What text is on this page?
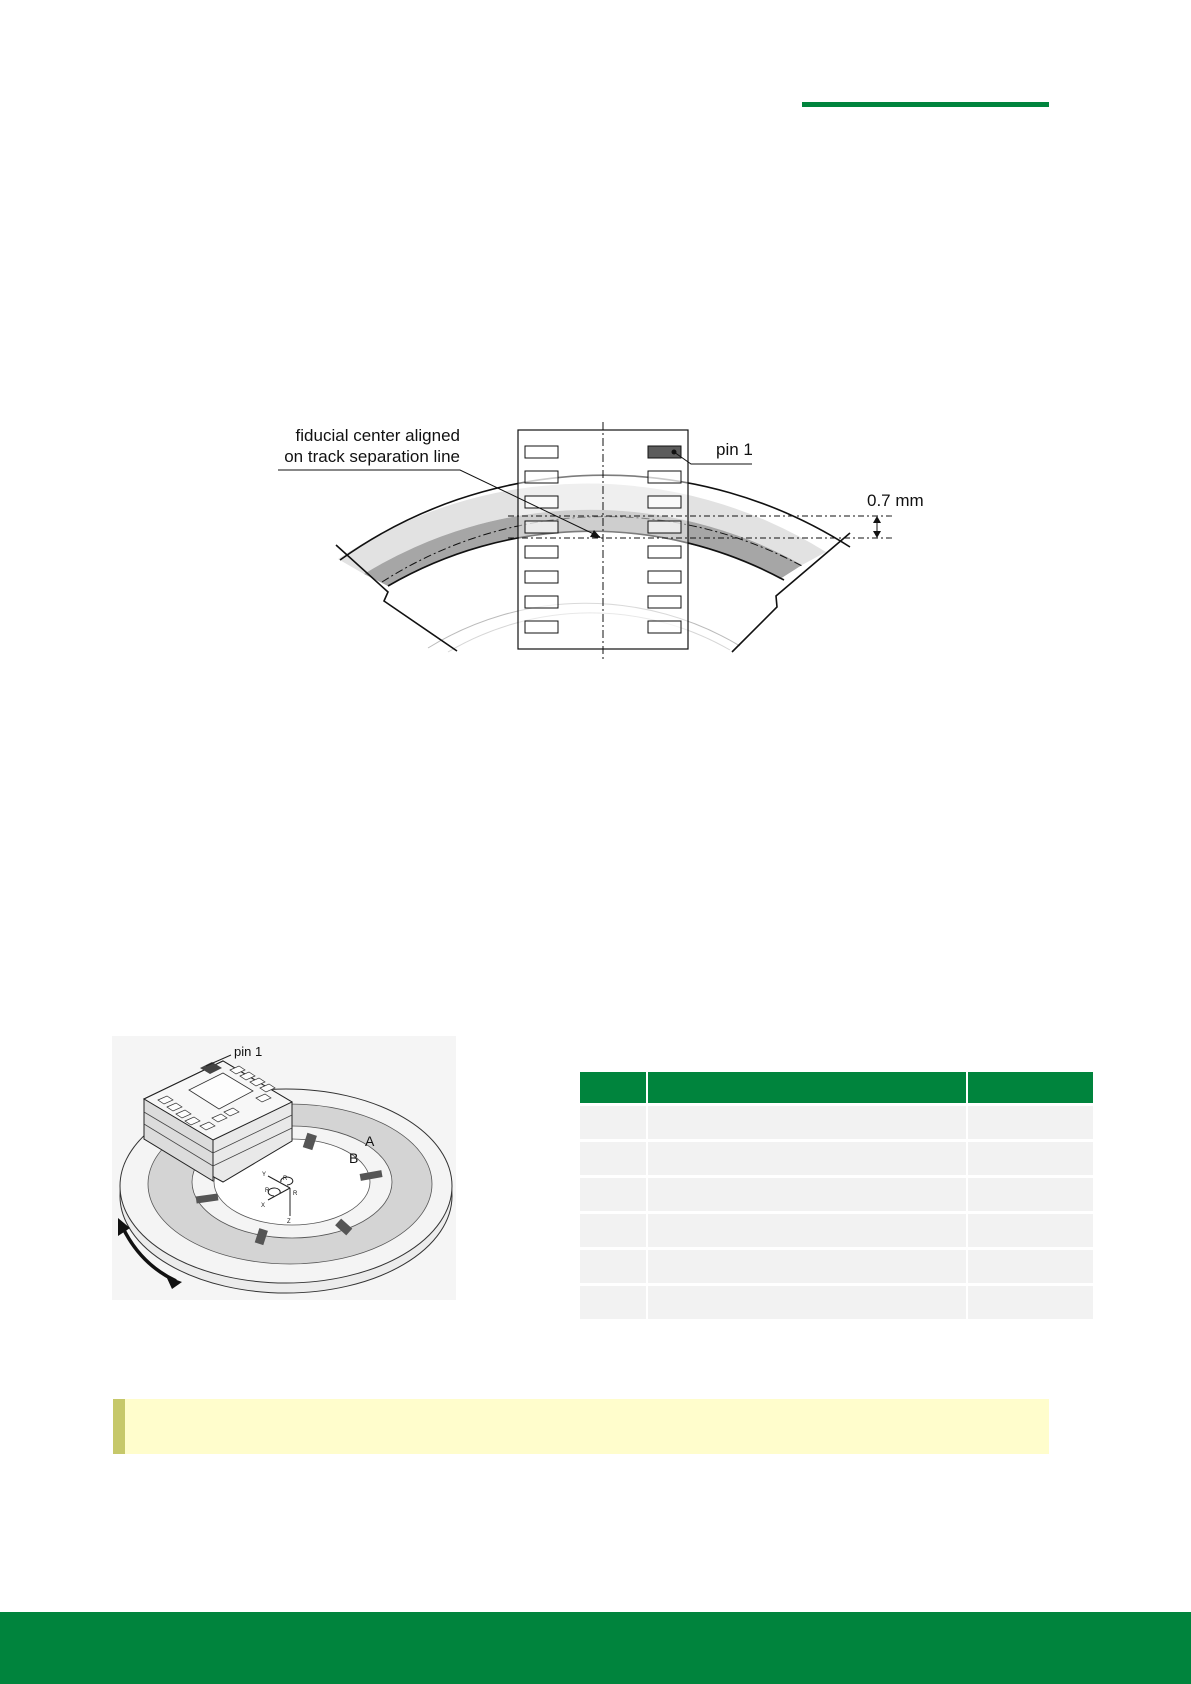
pin 1
fiducial center aligned
on track separation line
0.7 mm
A
B
Y
X
Z
R
R	R
pin 1
